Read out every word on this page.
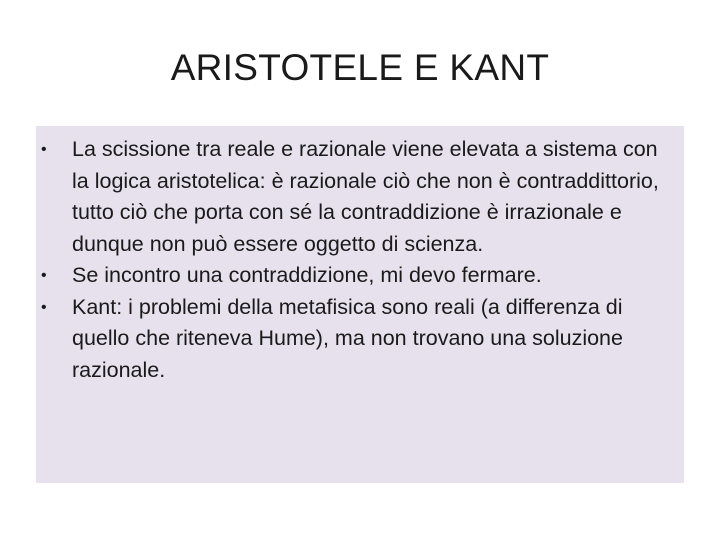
ARISTOTELE E KANT
• La scissione tra reale e razionale viene elevata a sistema con la logica aristotelica: è razionale ciò che non è contraddittorio, tutto ciò che porta con sé la contraddizione è irrazionale e dunque non può essere oggetto di scienza.
• Se incontro una contraddizione, mi devo fermare.
• Kant: i problemi della metafisica sono reali (a differenza di quello che riteneva Hume), ma non trovano una soluzione razionale.
